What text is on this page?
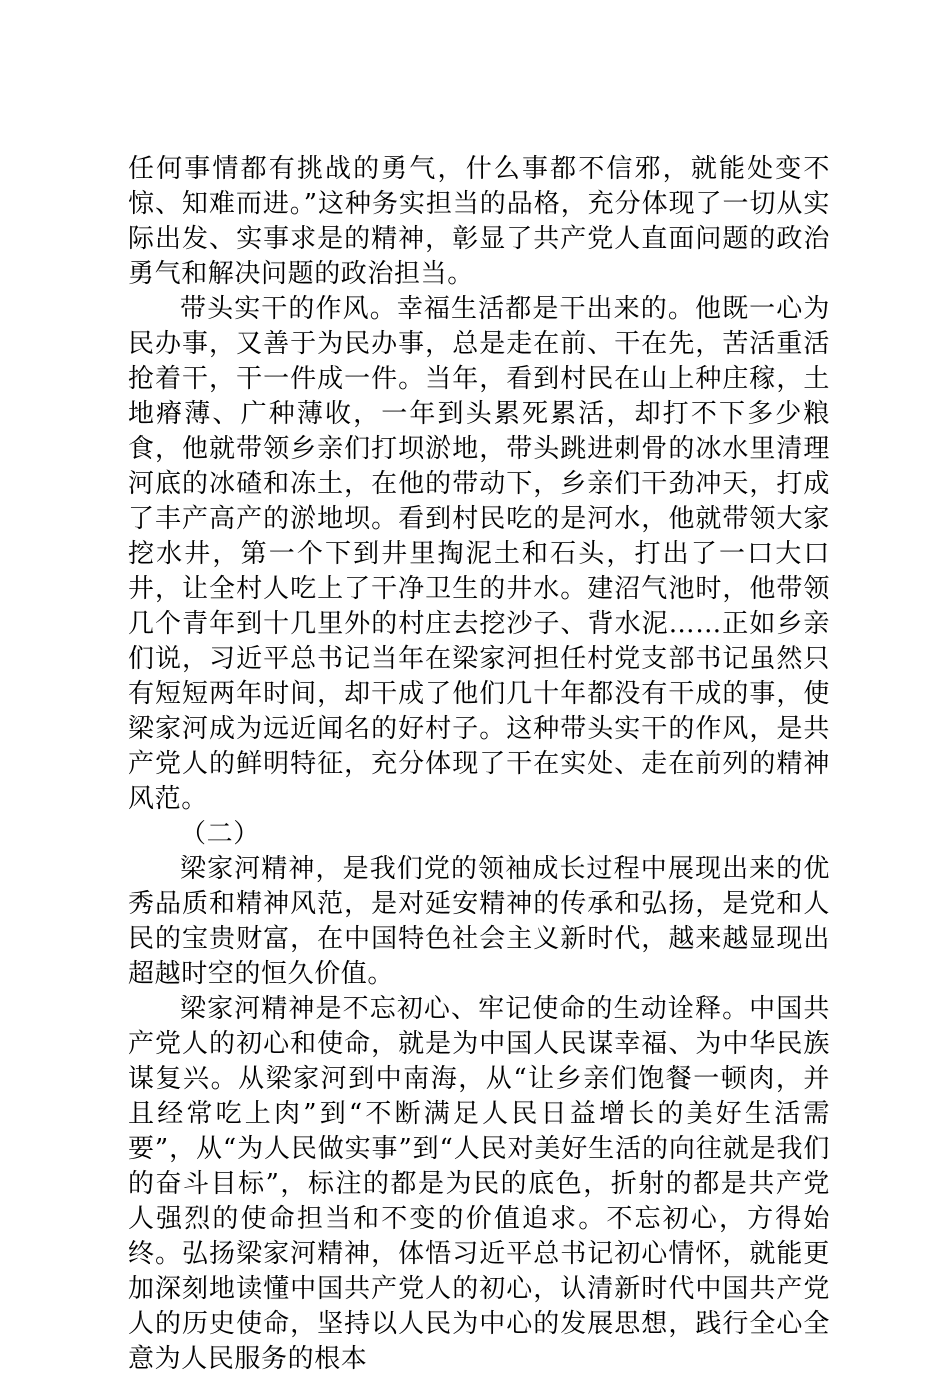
任何事情都有挑战的勇气，什么事都不信邪，就能处变不惊、知难而进。”这种务实担当的品格，充分体现了一切从实际出发、实事求是的精神，彰显了共产党人直面问题的政治勇气和解决问题的政治担当。

带头实干的作风。幸福生活都是干出来的。他既一心为民办事，又善于为民办事，总是走在前、干在先，苦活重活抢着干，干一件成一件。当年，看到村民在山上种庄稼，土地瘠薄、广种薄收，一年到头累死累活，却打不下多少粮食，他就带领乡亲们打坝淤地，带头跳进刺骨的冰水里清理河底的冰碴和冻土，在他的带动下，乡亲们干劲冲天，打成了丰产高产的淤地坝。看到村民吃的是河水，他就带领大家挖水井，第一个下到井里掏泥土和石头，打出了一口大口井，让全村人吃上了干净卫生的井水。建沼气池时，他带领几个青年到十几里外的村庄去挖沙子、背水泥……正如乡亲们说，习近平总书记当年在梁家河担任村党支部书记虽然只有短短两年时间，却干成了他们几十年都没有干成的事，使梁家河成为远近闻名的好村子。这种带头实干的作风，是共产党人的鲜明特征，充分体现了干在实处、走在前列的精神风范。

（二）

梁家河精神，是我们党的领袖成长过程中展现出来的优秀品质和精神风范，是对延安精神的传承和弘扬，是党和人民的宝贵财富，在中国特色社会主义新时代，越来越显现出超越时空的恒久价值。

梁家河精神是不忘初心、牢记使命的生动诠释。中国共产党人的初心和使命，就是为中国人民谋幸福、为中华民族谋复兴。从梁家河到中南海，从“让乡亲们饱餐一顿肉，并且经常吃上肉”到“不断满足人民日益增长的美好生活需要”，从“为人民做实事”到“人民对美好生活的向往就是我们的奋斗目标”，标注的都是为民的底色，折射的都是共产党人强烈的使命担当和不变的价值追求。不忘初心，方得始终。弘扬梁家河精神，体悟习近平总书记初心情怀，就能更加深刻地读懂中国共产党人的初心，认清新时代中国共产党人的历史使命，坚持以人民为中心的发展思想，践行全心全意为人民服务的根本
